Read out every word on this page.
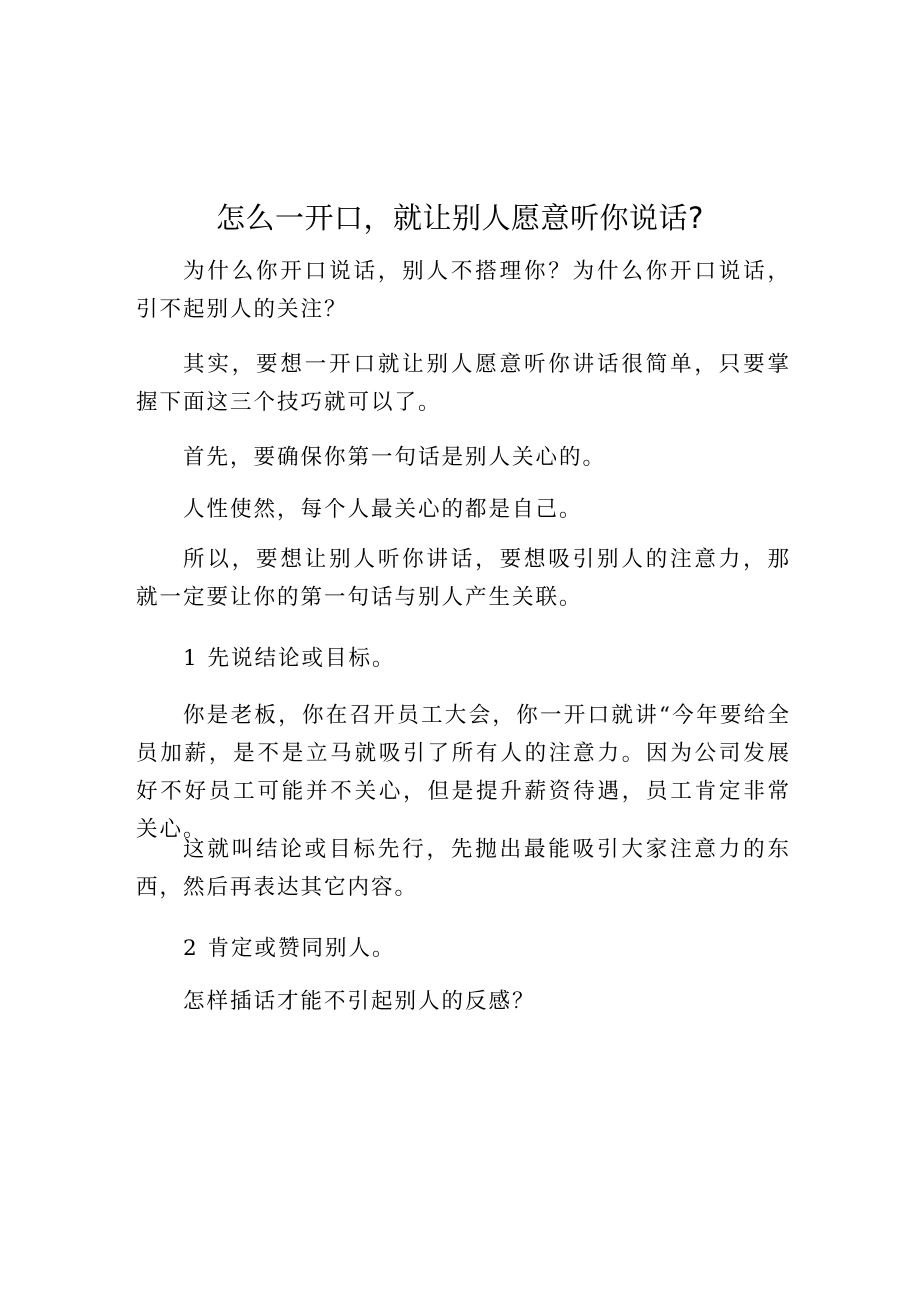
怎么一开口，就让别人愿意听你说话?

为什么你开口说话，别人不搭理你？为什么你开口说话，引不起别人的关注？

其实，要想一开口就让别人愿意听你讲话很简单，只要掌握下面这三个技巧就可以了。

首先，要确保你第一句话是别人关心的。

人性使然，每个人最关心的都是自己。

所以，要想让别人听你讲话，要想吸引别人的注意力，那就一定要让你的第一句话与别人产生关联。

1 先说结论或目标。

你是老板，你在召开员工大会，你一开口就讲“今年要给全员加薪，是不是立马就吸引了所有人的注意力。因为公司发展好不好员工可能并不关心，但是提升薪资待遇，员工肯定非常关心。

这就叫结论或目标先行，先抛出最能吸引大家注意力的东西，然后再表达其它内容。

2 肯定或赞同别人。

怎样插话才能不引起别人的反感？
